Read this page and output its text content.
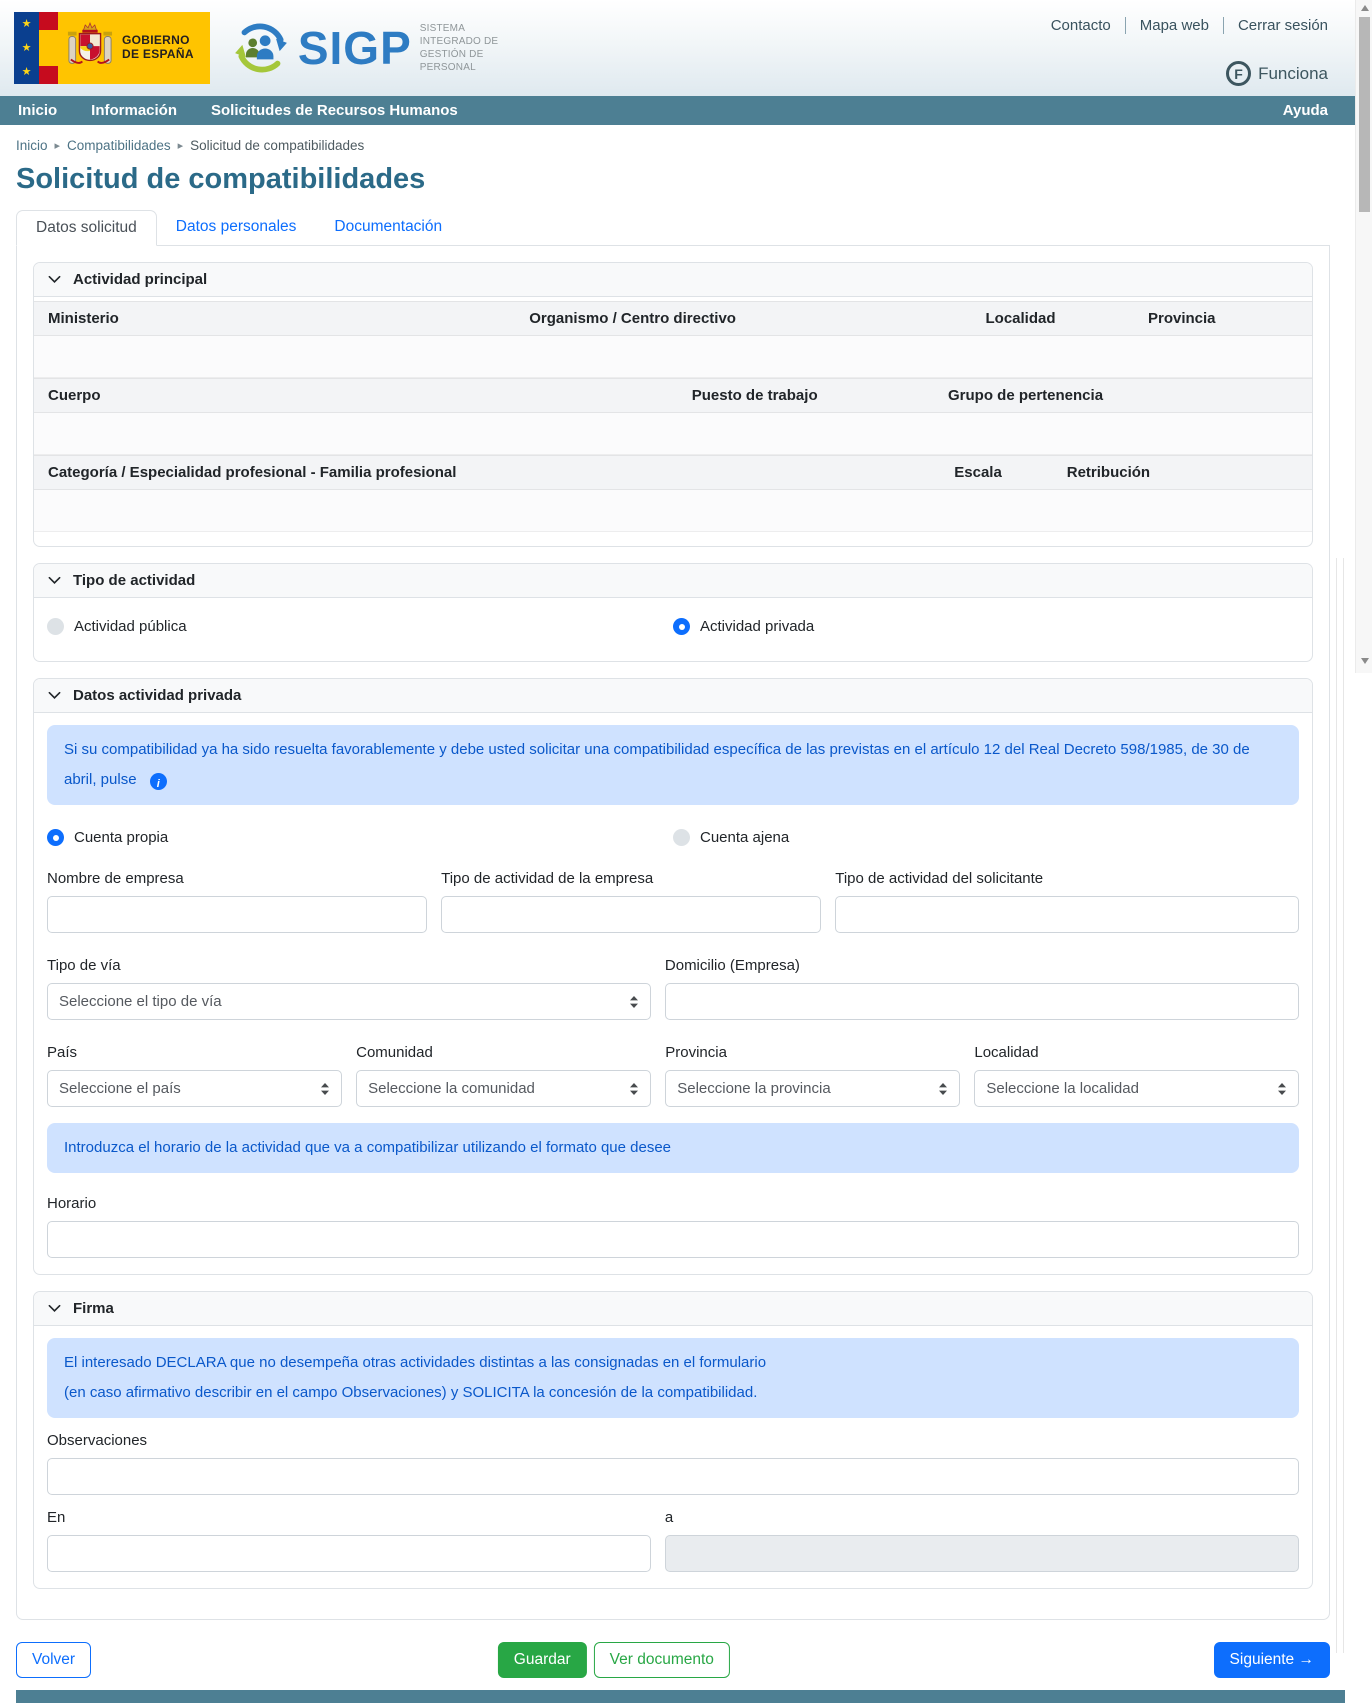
★
★
★
GOBIERNO
DE ESPAÑA SIGP SISTEMA
INTEGRADO DE
GESTIÓN DE
PERSONAL
Contacto	Mapa web	Cerrar sesión
F Funciona
Inicio Información Solicitudes de Recursos Humanos	Ayuda
Inicio ▸ Compatibilidades ▸ Solicitud de compatibilidades
Solicitud de compatibilidades
Datos solicitud	Datos personales	Documentación
Actividad principal
Ministerio	Organismo / Centro directivo	Localidad	Provincia
Cuerpo	Puesto de trabajo	Grupo de pertenencia
Categoría / Especialidad profesional - Familia profesional	Escala	Retribución
Tipo de actividad
Actividad pública	Actividad privada
Datos actividad privada
Si su compatibilidad ya ha sido resuelta favorablemente y debe usted solicitar una compatibilidad específica de las previstas en el artículo 12 del Real Decreto 598/1985, de 30 de abril, pulse i
Cuenta propia	Cuenta ajena
Nombre de empresa	Tipo de actividad de la empresa	Tipo de actividad del solicitante
Tipo de vía
Seleccione el tipo de vía
Domicilio (Empresa)
País
Seleccione el país
Comunidad
Seleccione la comunidad
Provincia
Seleccione la provincia
Localidad
Seleccione la localidad
Introduzca el horario de la actividad que va a compatibilizar utilizando el formato que desee
Horario
Firma
El interesado DECLARA que no desempeña otras actividades distintas a las consignadas en el formulario
(en caso afirmativo describir en el campo Observaciones) y SOLICITA la concesión de la compatibilidad.
Observaciones
En	a
Volver	Guardar	Ver documento	Siguiente →
